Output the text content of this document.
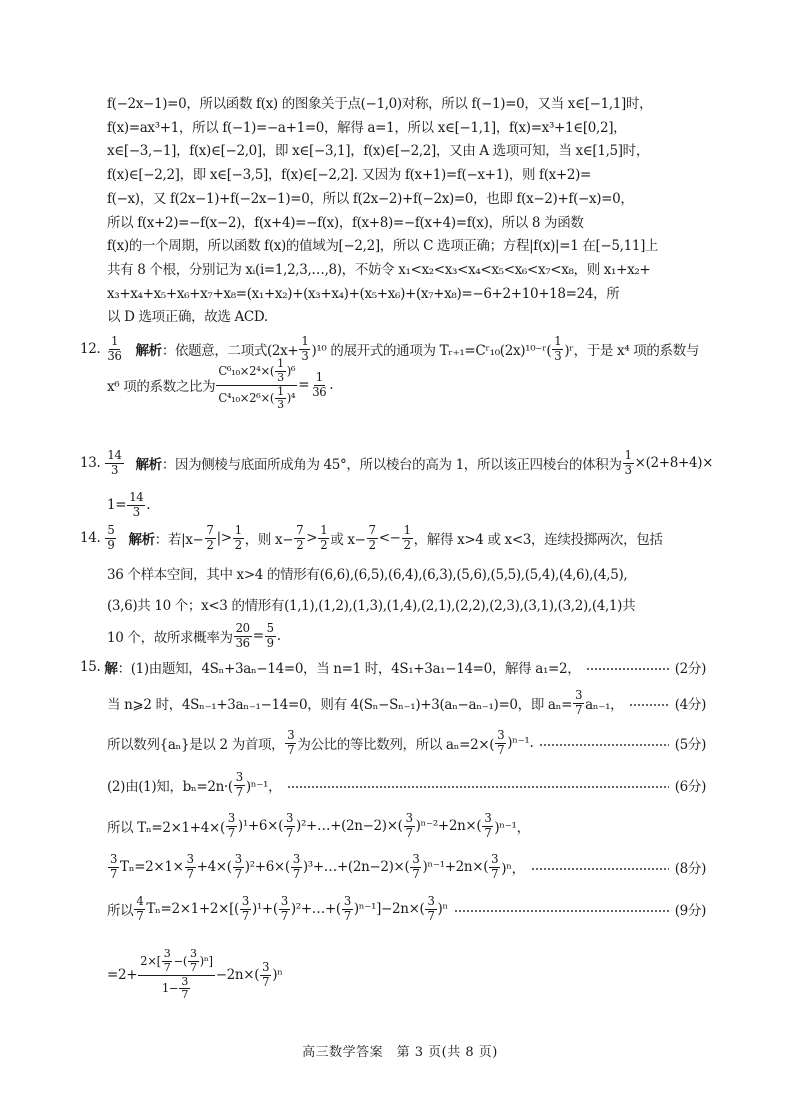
高三数学答案　第 3 页(共 8 页)
f(−2x−1)=0，所以函数 f(x) 的图象关于点(−1,0)对称，所以 f(−1)=0，又当 x∈[−1,1]时，
f(x)=ax³+1，所以 f(−1)=−a+1=0，解得 a=1，所以 x∈[−1,1]，f(x)=x³+1∈[0,2]，
x∈[−3,−1]，f(x)∈[−2,0]，即 x∈[−3,1]，f(x)∈[−2,2]，又由 A 选项可知，当 x∈[1,5]时，
f(x)∈[−2,2]，即 x∈[−3,5]，f(x)∈[−2,2]. 又因为 f(x+1)=f(−x+1)，则 f(x+2)=
f(−x)，又 f(2x−1)+f(−2x−1)=0，所以 f(2x−2)+f(−2x)=0，也即 f(x−2)+f(−x)=0，
所以 f(x+2)=−f(x−2)，f(x+4)=−f(x)，f(x+8)=−f(x+4)=f(x)，所以 8 为函数
f(x)的一个周期，所以函数 f(x)的值域为[−2,2]，所以 C 选项正确；方程|f(x)|=1 在[−5,11]上
共有 8 个根，分别记为 xᵢ(i=1,2,3,…,8)，不妨令 x₁<x₂<x₃<x₄<x₅<x₆<x₇<x₈，则 x₁+x₂+
x₃+x₄+x₅+x₆+x₇+x₈=(x₁+x₂)+(x₃+x₄)+(x₅+x₆)+(x₇+x₈)=−6+2+10+18=24，所
以 D 选项正确，故选 ACD.
12. $\frac{1}{36}$ 解析 ：依题意，二项式$(2x+ \frac{1}{3} )^{10}$ 的展开式的通项为 Tᵣ₊₁=Cʳ₁₀(2x)¹⁰⁻ʳ( $\frac{1}{3}$ )ʳ，于是 x⁴ 项的系数与
x⁶ 项的系数之比为 $\frac{C^6_{10}\times 2^4\times( \frac{1}{3} )^6}{C^4_{10}\times 2^6\times( \frac{1}{3} )^4} = \frac{1}{36}$ .
13. $\frac{14}{3}$ 解析 ：因为侧棱与底面所成角为 45°，所以棱台的高为 1，所以该正四棱台的体积为 $\frac{1}{3} \times(2+8+4)\times$
$1= \frac{14}{3}$ .
14. $\frac{5}{9}$ 解析 ：若$|x- \frac{7}{2}$ |> $\frac{1}{2}$ ，则 $x- \frac{7}{2} > \frac{1}{2}$ 或 $x- \frac{7}{2} <- \frac{1}{2}$ ，解得 x>4 或 x<3，连续投掷两次，包括
36 个样本空间，其中 x>4 的情形有(6,6),(6,5),(6,4),(6,3),(5,6),(5,5),(5,4),(4,6),(4,5),
(3,6)共 10 个；x<3 的情形有(1,1),(1,2),(1,3),(1,4),(2,1),(2,2),(2,3),(3,1),(3,2),(4,1)共
10 个，故所求概率为 $\frac{20}{36} = \frac{5}{9}$ .
15. 解 ：(1)由题知，4Sₙ+3aₙ−14=0，当 n=1 时，4S₁+3a₁−14=0，解得 a₁=2，	(2分)
当 n⩾2 时，4Sₙ₋₁+3aₙ₋₁−14=0，则有 4(Sₙ−Sₙ₋₁)+3(aₙ−aₙ₋₁)=0，即 $a_n= \frac{3}{7} a_{n-1}$，	(4分)
所以数列{aₙ}是以 2 为首项， $\frac{3}{7}$ 为公比的等比数列，所以 $a_n=2\times( \frac{3}{7} )^{n-1}$.	(5分)
(2)由(1)知，$b_n=2n\cdot( \frac{3}{7} )^{n-1}$，	(6分)
所以 $T_n=2\times 1+4\times( \frac{3}{7} )^1+6\times( \frac{3}{7}$ )²+…+(2n−2)×( $\frac{3}{7} )^{n-2}+2n\times( \frac{3}{7} )^{n-1}$，
$\frac{3}{7} T_n=2\times 1\times \frac{3}{7} +4\times( \frac{3}{7} )^2+6\times( \frac{3}{7}$ )³+…+(2n−2)×( $\frac{3}{7} )^{n-1}+2n\times( \frac{3}{7} )^n$，	(8分)
所以 $\frac{4}{7} T_n=2\times 1+2\times[( \frac{3}{7} )^1+( \frac{3}{7}$ )²+…+( $\frac{3}{7} )^{n-1}]-2n\times( \frac{3}{7} )^n$	(9分)
$=2+ \frac{2\times[ \frac{3}{7} -( \frac{3}{7} )^n]}{1- \frac{3}{7}} -2n\times( \frac{3}{7} )^n$
